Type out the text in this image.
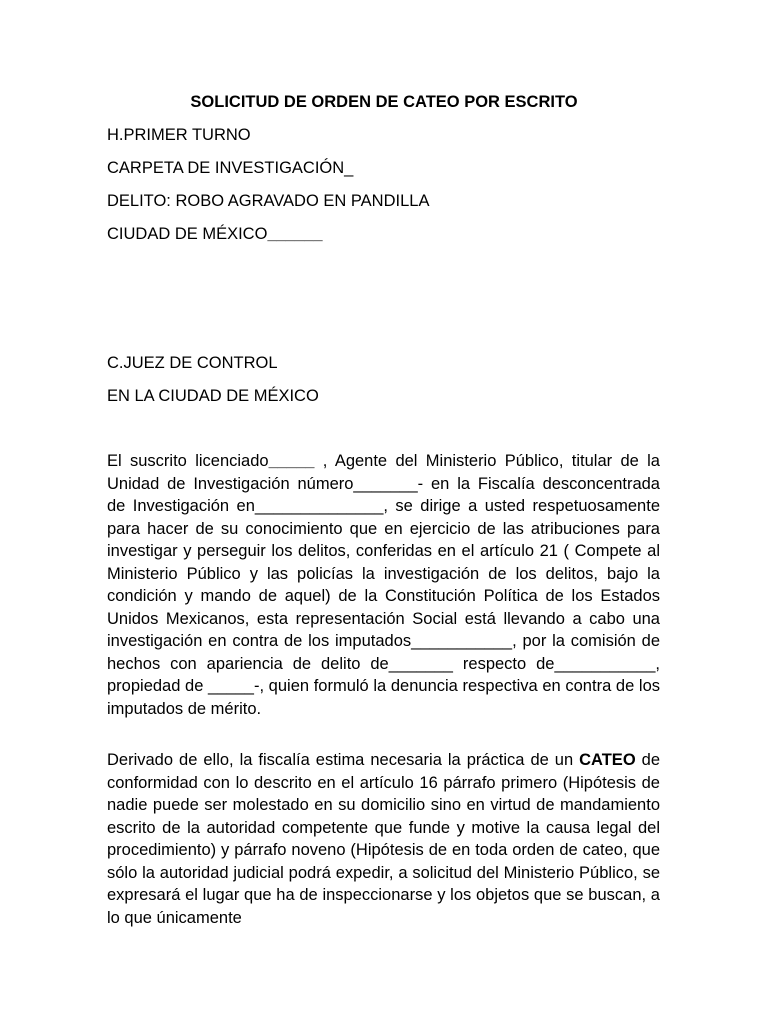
SOLICITUD DE ORDEN DE CATEO POR ESCRITO
H.PRIMER TURNO
CARPETA DE INVESTIGACIÓN_
DELITO: ROBO AGRAVADO EN PANDILLA
CIUDAD DE MÉXICO______
C.JUEZ DE CONTROL
EN LA CIUDAD DE MÉXICO

El suscrito licenciado_____ , Agente del Ministerio Público, titular de la Unidad de Investigación número_______- en la Fiscalía desconcentrada de Investigación en______________, se dirige a usted respetuosamente para hacer de su conocimiento que en ejercicio de las atribuciones para investigar y perseguir los delitos, conferidas en el artículo 21 ( Compete al Ministerio Público y las policías la investigación de los delitos, bajo la condición y mando de aquel) de la Constitución Política de los Estados Unidos Mexicanos, esta representación Social está llevando a cabo una investigación en contra de los imputados___________, por la comisión de hechos con apariencia de delito de_______ respecto de___________, propiedad de _____-, quien formuló la denuncia respectiva en contra de los imputados de mérito.

Derivado de ello, la fiscalía estima necesaria la práctica de un CATEO de conformidad con lo descrito en el artículo 16 párrafo primero (Hipótesis de nadie puede ser molestado en su domicilio sino en virtud de mandamiento escrito de la autoridad competente que funde y motive la causa legal del procedimiento) y párrafo noveno (Hipótesis de en toda orden de cateo, que sólo la autoridad judicial podrá expedir, a solicitud del Ministerio Público, se expresará el lugar que ha de inspeccionarse y los objetos que se buscan, a lo que únicamente
